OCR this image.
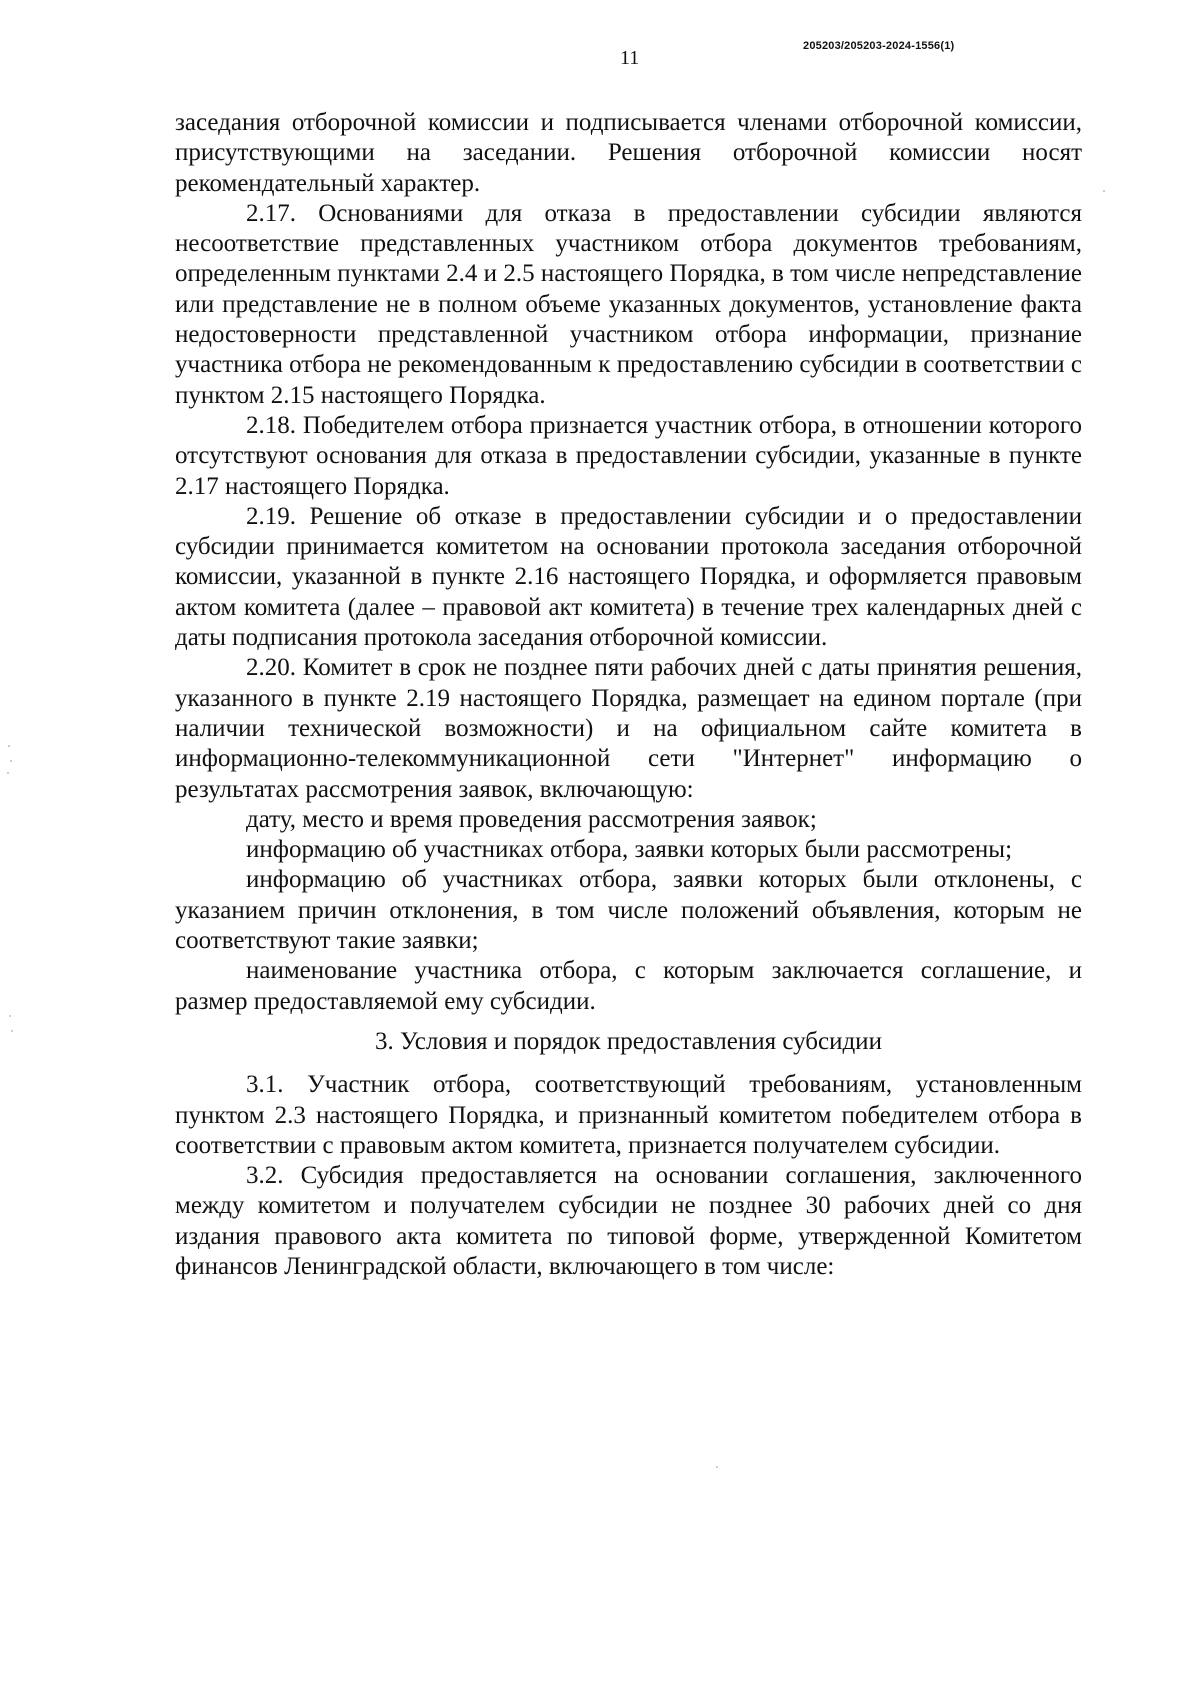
11
205203/205203-2024-1556(1)

заседания отборочной комиссии и подписывается членами отборочной комиссии, присутствующими на заседании. Решения отборочной комиссии носят рекомендательный характер.

2.17. Основаниями для отказа в предоставлении субсидии являются несоответствие представленных участником отбора документов требованиям, определенным пунктами 2.4 и 2.5 настоящего Порядка, в том числе непредставление или представление не в полном объеме указанных документов, установление факта недостоверности представленной участником отбора информации, признание участника отбора не рекомендованным к предоставлению субсидии в соответствии с пунктом 2.15 настоящего Порядка.

2.18. Победителем отбора признается участник отбора, в отношении которого отсутствуют основания для отказа в предоставлении субсидии, указанные в пункте 2.17 настоящего Порядка.

2.19. Решение об отказе в предоставлении субсидии и о предоставлении субсидии принимается комитетом на основании протокола заседания отборочной комиссии, указанной в пункте 2.16 настоящего Порядка, и оформляется правовым актом комитета (далее – правовой акт комитета) в течение трех календарных дней с даты подписания протокола заседания отборочной комиссии.

2.20. Комитет в срок не позднее пяти рабочих дней с даты принятия решения, указанного в пункте 2.19 настоящего Порядка, размещает на едином портале (при наличии технической возможности) и на официальном сайте комитета в информационно-телекоммуникационной сети "Интернет" информацию о результатах рассмотрения заявок, включающую:

дату, место и время проведения рассмотрения заявок;

информацию об участниках отбора, заявки которых были рассмотрены;

информацию об участниках отбора, заявки которых были отклонены, с указанием причин отклонения, в том числе положений объявления, которым не соответствуют такие заявки;

наименование участника отбора, с которым заключается соглашение, и размер предоставляемой ему субсидии.

3. Условия и порядок предоставления субсидии

3.1. Участник отбора, соответствующий требованиям, установленным пунктом 2.3 настоящего Порядка, и признанный комитетом победителем отбора в соответствии с правовым актом комитета, признается получателем субсидии.

3.2. Субсидия предоставляется на основании соглашения, заключенного между комитетом и получателем субсидии не позднее 30 рабочих дней со дня издания правового акта комитета по типовой форме, утвержденной Комитетом финансов Ленинградской области, включающего в том числе:
